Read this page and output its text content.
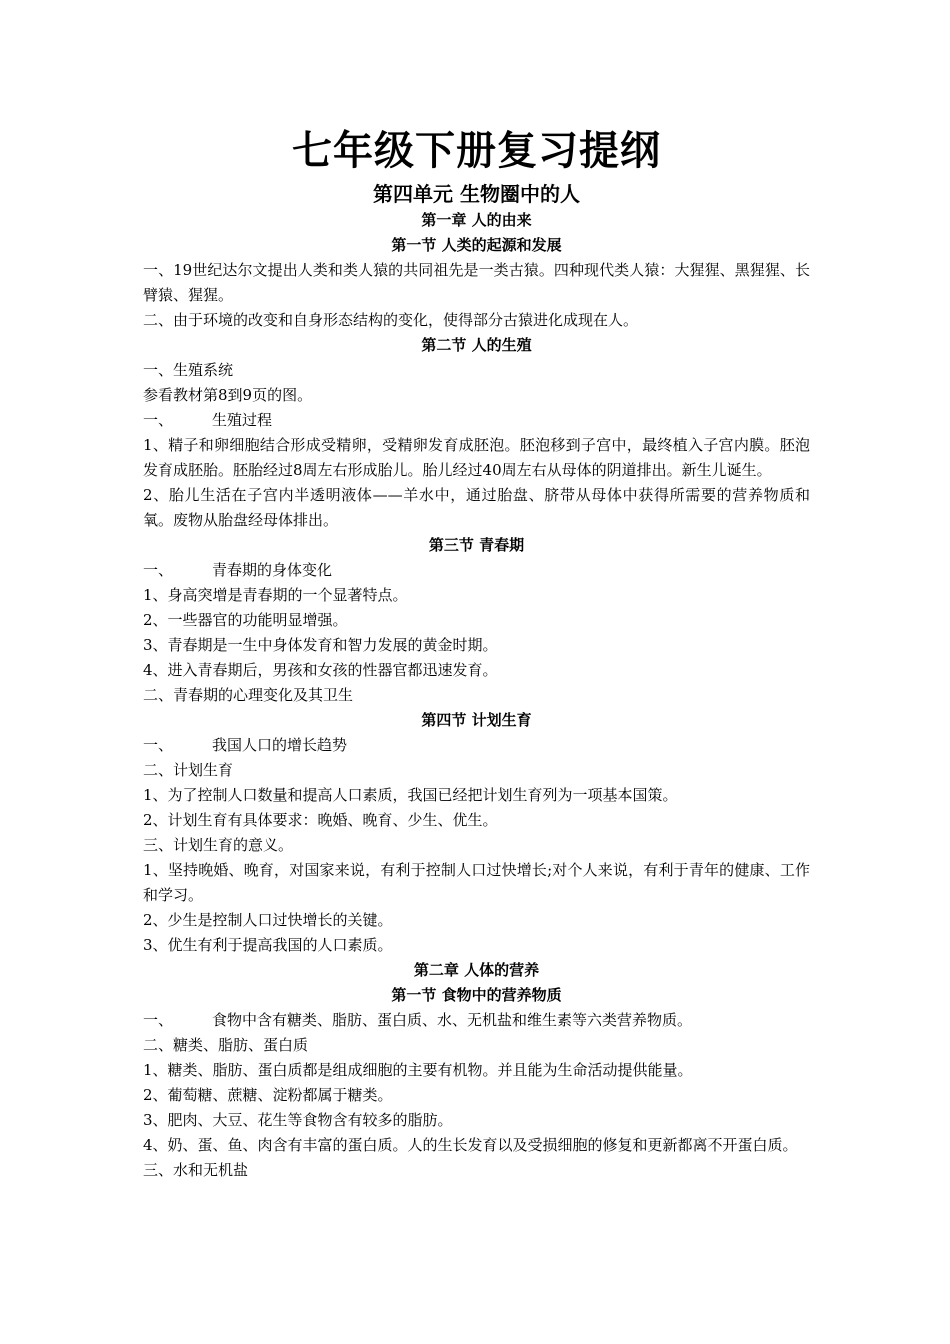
七年级下册复习提纲
第四单元 生物圈中的人
第一章 人的由来
第一节 人类的起源和发展

一、19世纪达尔文提出人类和类人猿的共同祖先是一类古猿。四种现代类人猿：大猩猩、黑猩猩、长臂猿、猩猩。

二、由于环境的改变和自身形态结构的变化，使得部分古猿进化成现在人。

第二节 人的生殖

一、生殖系统

参看教材第8到9页的图。

一、	生殖过程

1、精子和卵细胞结合形成受精卵，受精卵发育成胚泡。胚泡移到子宫中，最终植入子宫内膜。胚泡发育成胚胎。胚胎经过8周左右形成胎儿。胎儿经过40周左右从母体的阴道排出。新生儿诞生。

2、胎儿生活在子宫内半透明液体——羊水中，通过胎盘、脐带从母体中获得所需要的营养物质和氧。废物从胎盘经母体排出。

第三节 青春期

一、	青春期的身体变化

1、身高突增是青春期的一个显著特点。

2、一些器官的功能明显增强。

3、青春期是一生中身体发育和智力发展的黄金时期。

4、进入青春期后，男孩和女孩的性器官都迅速发育。

二、青春期的心理变化及其卫生

第四节 计划生育

一、	我国人口的增长趋势

二、计划生育

1、为了控制人口数量和提高人口素质，我国已经把计划生育列为一项基本国策。

2、计划生育有具体要求：晚婚、晚育、少生、优生。

三、计划生育的意义。

1、坚持晚婚、晚育，对国家来说，有利于控制人口过快增长;对个人来说，有利于青年的健康、工作和学习。

2、少生是控制人口过快增长的关键。

3、优生有利于提高我国的人口素质。

第二章 人体的营养
第一节 食物中的营养物质

一、	食物中含有糖类、脂肪、蛋白质、水、无机盐和维生素等六类营养物质。

二、糖类、脂肪、蛋白质

1、糖类、脂肪、蛋白质都是组成细胞的主要有机物。并且能为生命活动提供能量。

2、葡萄糖、蔗糖、淀粉都属于糖类。

3、肥肉、大豆、花生等食物含有较多的脂肪。

4、奶、蛋、鱼、肉含有丰富的蛋白质。人的生长发育以及受损细胞的修复和更新都离不开蛋白质。

三、水和无机盐
